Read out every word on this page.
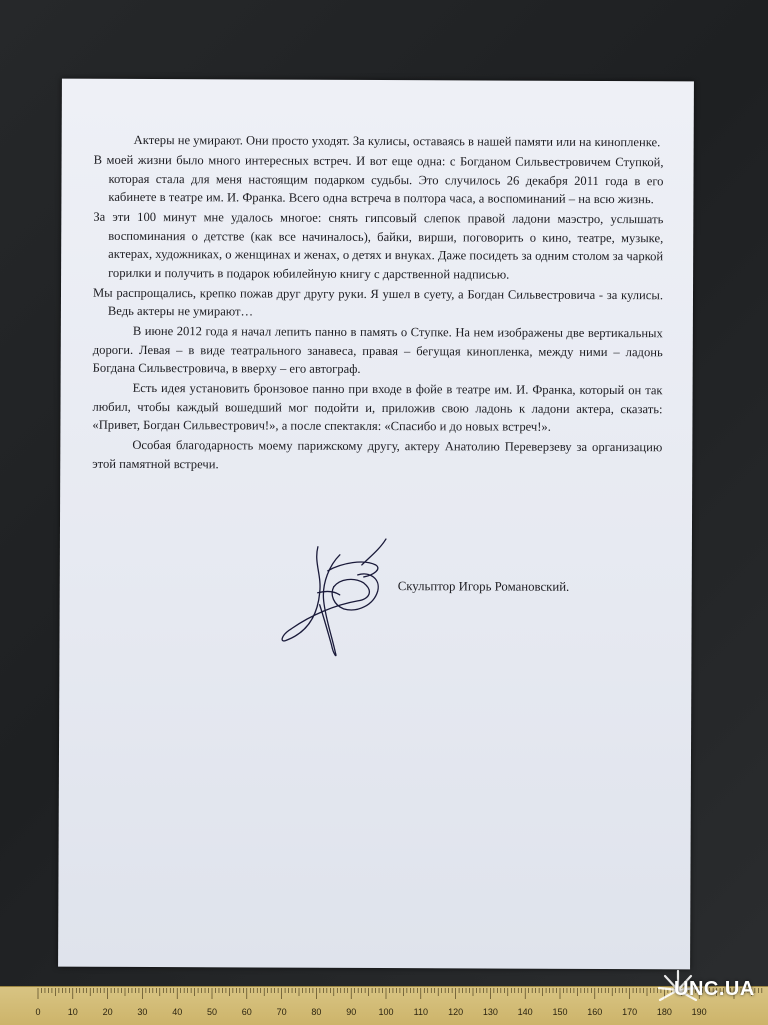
Актеры не умирают. Они просто уходят. За кулисы, оставаясь в нашей памяти или на кинопленке.

В моей жизни было много интересных встреч. И вот еще одна: с Богданом Сильвестровичем Ступкой, которая стала для меня настоящим подарком судьбы. Это случилось 26 декабря 2011 года в его кабинете в театре им. И. Франка. Всего одна встреча в полтора часа, а воспоминаний – на всю жизнь.

За эти 100 минут мне удалось многое: снять гипсовый слепок правой ладони маэстро, услышать воспоминания о детстве (как все начиналось), байки, вирши, поговорить о кино, театре, музыке, актерах, художниках, о женщинах и женах, о детях и внуках. Даже посидеть за одним столом за чаркой горилки и получить в подарок юбилейную книгу с дарственной надписью.

Мы распрощались, крепко пожав друг другу руки. Я ушел в суету, а Богдан Сильвестровича - за кулисы. Ведь актеры не умирают…

В июне 2012 года я начал лепить панно в память о Ступке. На нем изображены две вертикальных дороги. Левая – в виде театрального занавеса, правая – бегущая кинопленка, между ними – ладонь Богдана Сильвестровича, в вверху – его автограф.

Есть идея установить бронзовое панно при входе в фойе в театре им. И. Франка, который он так любил, чтобы каждый вошедший мог подойти и, приложив свою ладонь к ладони актера, сказать: «Привет, Богдан Сильвестрович!», а после спектакля: «Спасибо и до новых встреч!».

Особая благодарность моему парижскому другу, актеру Анатолию Переверзеву за организацию этой памятной встречи.

Скульптор Игорь Романовский.
0	10	20	30	40	50	60	70	80	90 100 110 120 130 140 150 160 170 180 190
UNC.UA
